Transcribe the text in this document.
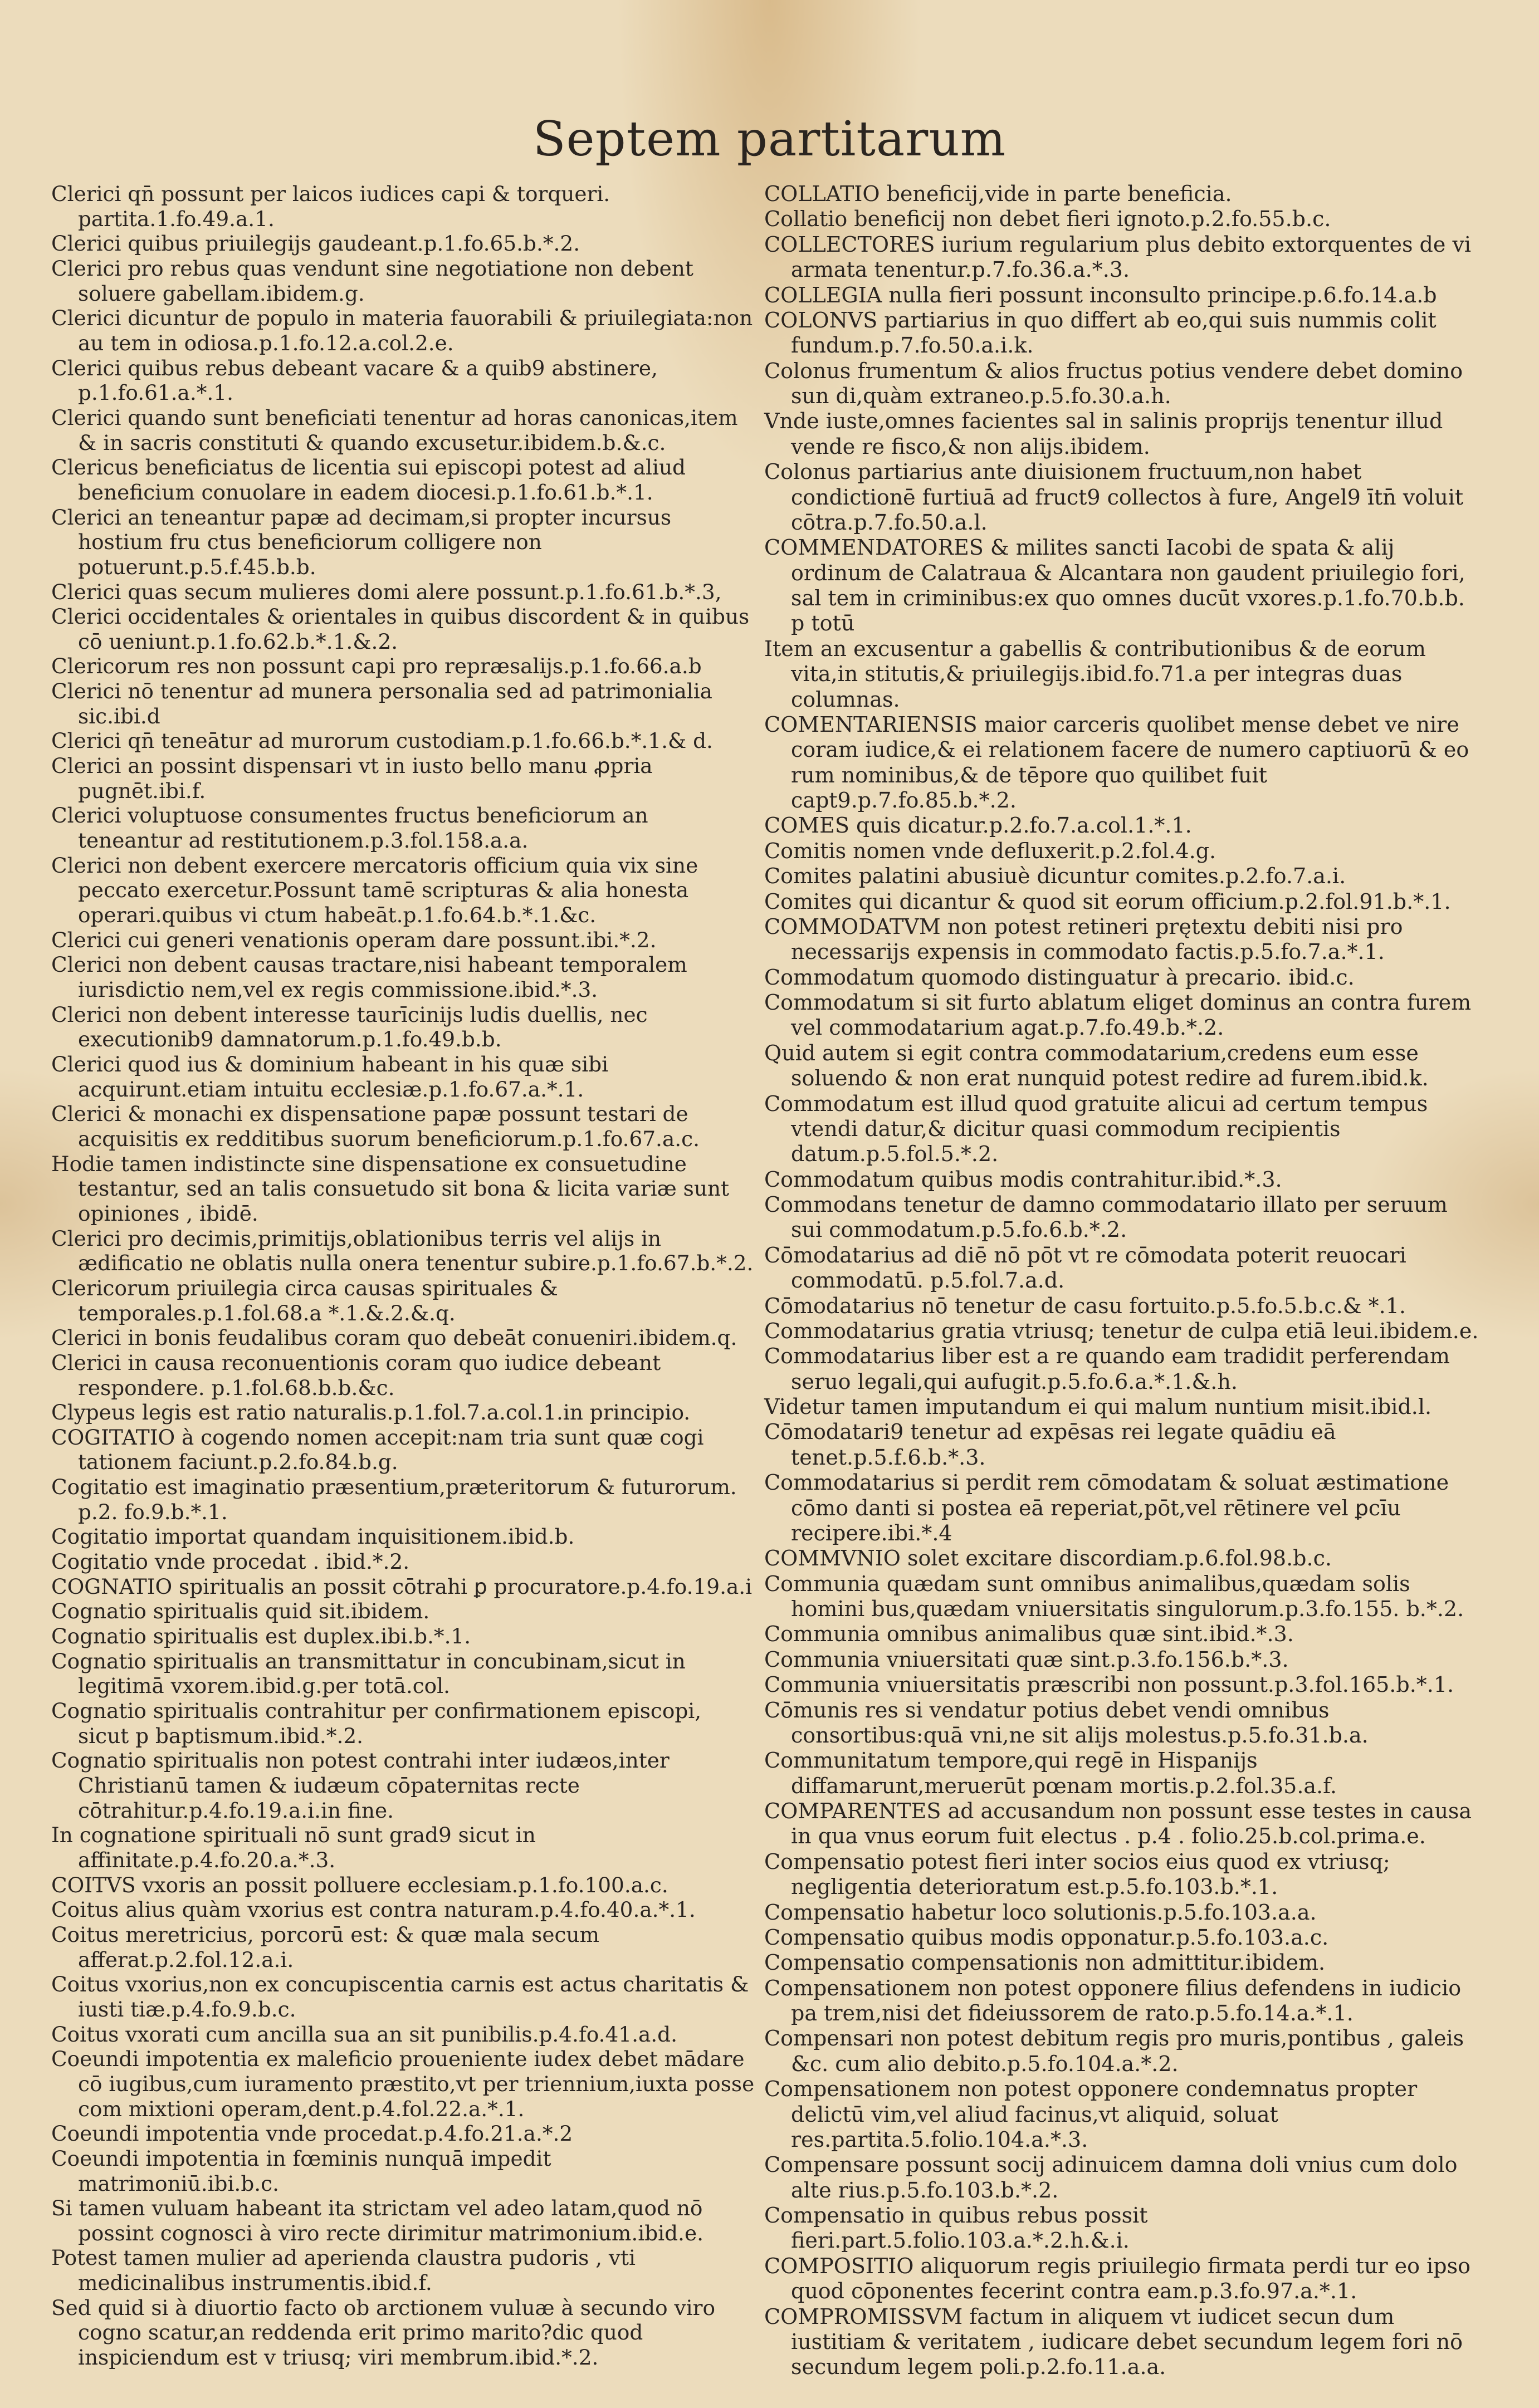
Septem partitarum
Clerici qn̄ possunt per laicos iudices capi & torqueri. partita.1.fo.49.a.1.
Clerici quibus priuilegijs gaudeant.p.1.fo.65.b.*.2.
Clerici pro rebus quas vendunt sine negotiatione non debent soluere gabellam.ibidem.g.
Clerici dicuntur de populo in materia fauorabili & priuilegiata:non au tem in odiosa.p.1.fo.12.a.col.2.e.
Clerici quibus rebus debeant vacare & a quib9 abstinere, p.1.fo.61.a.*.1.
Clerici quando sunt beneficiati tenentur ad horas canonicas,item & in sacris constituti & quando excusetur.ibidem.b.&.c.
Clericus beneficiatus de licentia sui episcopi potest ad aliud beneficium conuolare in eadem diocesi.p.1.fo.61.b.*.1.
Clerici an teneantur papæ ad decimam,si propter incursus hostium fru ctus beneficiorum colligere non potuerunt.p.5.f.45.b.b.
Clerici quas secum mulieres domi alere possunt.p.1.fo.61.b.*.3,
Clerici occidentales & orientales in quibus discordent & in quibus cō ueniunt.p.1.fo.62.b.*.1.&.2.
Clericorum res non possunt capi pro repræsalijs.p.1.fo.66.a.b
Clerici nō tenentur ad munera personalia sed ad patrimonialia sic.ibi.d
Clerici qn̄ teneātur ad murorum custodiam.p.1.fo.66.b.*.1.& d.
Clerici an possint dispensari vt in iusto bello manu ꝓpria pugnēt.ibi.f.
Clerici voluptuose consumentes fructus beneficiorum an teneantur ad restitutionem.p.3.fol.158.a.a.
Clerici non debent exercere mercatoris officium quia vix sine peccato exercetur.Possunt tamē scripturas & alia honesta operari.quibus vi ctum habeāt.p.1.fo.64.b.*.1.&c.
Clerici cui generi venationis operam dare possunt.ibi.*.2.
Clerici non debent causas tractare,nisi habeant temporalem iurisdictio nem,vel ex regis commissione.ibid.*.3.
Clerici non debent interesse taurīcinijs ludis duellis, nec executionib9 damnatorum.p.1.fo.49.b.b.
Clerici quod ius & dominium habeant in his quæ sibi acquirunt.etiam intuitu ecclesiæ.p.1.fo.67.a.*.1.
Clerici & monachi ex dispensatione papæ possunt testari de acquisitis ex redditibus suorum beneficiorum.p.1.fo.67.a.c.
Hodie tamen indistincte sine dispensatione ex consuetudine testantur, sed an talis consuetudo sit bona & licita variæ sunt opiniones , ibidē.
Clerici pro decimis,primitijs,oblationibus terris vel alijs in ædificatio ne oblatis nulla onera tenentur subire.p.1.fo.67.b.*.2.
Clericorum priuilegia circa causas spirituales & temporales.p.1.fol.68.a *.1.&.2.&.q.
Clerici in bonis feudalibus coram quo debeāt conueniri.ibidem.q.
Clerici in causa reconuentionis coram quo iudice debeant respondere. p.1.fol.68.b.b.&c.
Clypeus legis est ratio naturalis.p.1.fol.7.a.col.1.in principio.
COGITATIO à cogendo nomen accepit:nam tria sunt quæ cogi tationem faciunt.p.2.fo.84.b.g.
Cogitatio est imaginatio præsentium,præteritorum & futurorum. p.2. fo.9.b.*.1.
Cogitatio importat quandam inquisitionem.ibid.b.
Cogitatio vnde procedat . ibid.*.2.
COGNATIO spiritualis an possit cōtrahi ꝑ procuratore.p.4.fo.19.a.i
Cognatio spiritualis quid sit.ibidem.
Cognatio spiritualis est duplex.ibi.b.*.1.
Cognatio spiritualis an transmittatur in concubinam,sicut in legitimā vxorem.ibid.g.per totā.col.
Cognatio spiritualis contrahitur per confirmationem episcopi, sicut p baptismum.ibid.*.2.
Cognatio spiritualis non potest contrahi inter iudæos,inter Christianū tamen & iudæum cōpaternitas recte cōtrahitur.p.4.fo.19.a.i.in fine.
In cognatione spirituali nō sunt grad9 sicut in affinitate.p.4.fo.20.a.*.3.
COITVS vxoris an possit polluere ecclesiam.p.1.fo.100.a.c.
Coitus alius quàm vxorius est contra naturam.p.4.fo.40.a.*.1.
Coitus meretricius, porcorū est: & quæ mala secum afferat.p.2.fol.12.a.i.
Coitus vxorius,non ex concupiscentia carnis est actus charitatis & iusti tiæ.p.4.fo.9.b.c.
Coitus vxorati cum ancilla sua an sit punibilis.p.4.fo.41.a.d.
Coeundi impotentia ex maleficio proueniente iudex debet mādare cō iugibus,cum iuramento præstito,vt per triennium,iuxta posse com mixtioni operam,dent.p.4.fol.22.a.*.1.
Coeundi impotentia vnde procedat.p.4.fo.21.a.*.2
Coeundi impotentia in fœminis nunquā impedit matrimoniū.ibi.b.c.
Si tamen vuluam habeant ita strictam vel adeo latam,quod nō possint cognosci à viro recte dirimitur matrimonium.ibid.e.
Potest tamen mulier ad aperienda claustra pudoris , vti medicinalibus instrumentis.ibid.f.
Sed quid si à diuortio facto ob arctionem vuluæ à secundo viro cogno scatur,an reddenda erit primo marito?dic quod inspiciendum est v triusq; viri membrum.ibid.*.2.
COLLATIO beneficij,vide in parte beneficia.
Collatio beneficij non debet fieri ignoto.p.2.fo.55.b.c.
COLLECTORES iurium regularium plus debito extorquentes de vi armata tenentur.p.7.fo.36.a.*.3.
COLLEGIA nulla fieri possunt inconsulto principe.p.6.fo.14.a.b
COLONVS partiarius in quo differt ab eo,qui suis nummis colit fundum.p.7.fo.50.a.i.k.
Colonus frumentum & alios fructus potius vendere debet domino sun di,quàm extraneo.p.5.fo.30.a.h.
Vnde iuste,omnes facientes sal in salinis proprijs tenentur illud vende re fisco,& non alijs.ibidem.
Colonus partiarius ante diuisionem fructuum,non habet condictionē furtiuā ad fruct9 collectos à fure, Angel9 ītn̄ voluit cōtra.p.7.fo.50.a.l.
COMMENDATORES & milites sancti Iacobi de spata & alij ordinum de Calatraua & Alcantara non gaudent priuilegio fori, sal tem in criminibus:ex quo omnes ducūt vxores.p.1.fo.70.b.b. p totū
Item an excusentur a gabellis & contributionibus & de eorum vita,in stitutis,& priuilegijs.ibid.fo.71.a per integras duas columnas.
COMENTARIENSIS maior carceris quolibet mense debet ve nire coram iudice,& ei relationem facere de numero captiuorū & eo rum nominibus,& de tēpore quo quilibet fuit capt9.p.7.fo.85.b.*.2.
COMES quis dicatur.p.2.fo.7.a.col.1.*.1.
Comitis nomen vnde defluxerit.p.2.fol.4.g.
Comites palatini abusiuè dicuntur comites.p.2.fo.7.a.i.
Comites qui dicantur & quod sit eorum officium.p.2.fol.91.b.*.1.
COMMODATVM non potest retineri prętextu debiti nisi pro necessarijs expensis in commodato factis.p.5.fo.7.a.*.1.
Commodatum quomodo distinguatur à precario. ibid.c.
Commodatum si sit furto ablatum eliget dominus an contra furem vel commodatarium agat.p.7.fo.49.b.*.2.
Quid autem si egit contra commodatarium,credens eum esse soluendo & non erat nunquid potest redire ad furem.ibid.k.
Commodatum est illud quod gratuite alicui ad certum tempus vtendi datur,& dicitur quasi commodum recipientis datum.p.5.fol.5.*.2.
Commodatum quibus modis contrahitur.ibid.*.3.
Commodans tenetur de damno commodatario illato per seruum sui commodatum.p.5.fo.6.b.*.2.
Cōmodatarius ad diē nō pōt vt re cōmodata poterit reuocari commodatū. p.5.fol.7.a.d.
Cōmodatarius nō tenetur de casu fortuito.p.5.fo.5.b.c.& *.1.
Commodatarius gratia vtriusq; tenetur de culpa etiā leui.ibidem.e.
Commodatarius liber est a re quando eam tradidit perferendam seruo legali,qui aufugit.p.5.fo.6.a.*.1.&.h.
Videtur tamen imputandum ei qui malum nuntium misit.ibid.l.
Cōmodatari9 tenetur ad expēsas rei legate quādiu eā tenet.p.5.f.6.b.*.3.
Commodatarius si perdit rem cōmodatam & soluat æstimatione cōmo danti si postea eā reperiat,pōt,vel rētinere vel ꝑcīu recipere.ibi.*.4
COMMVNIO solet excitare discordiam.p.6.fol.98.b.c.
Communia quædam sunt omnibus animalibus,quædam solis homini bus,quædam vniuersitatis singulorum.p.3.fo.155. b.*.2.
Communia omnibus animalibus quæ sint.ibid.*.3.
Communia vniuersitati quæ sint.p.3.fo.156.b.*.3.
Communia vniuersitatis præscribi non possunt.p.3.fol.165.b.*.1.
Cōmunis res si vendatur potius debet vendi omnibus consortibus:quā vni,ne sit alijs molestus.p.5.fo.31.b.a.
Communitatum tempore,qui regē in Hispanijs diffamarunt,meruerūt pœnam mortis.p.2.fol.35.a.f.
COMPARENTES ad accusandum non possunt esse testes in causa in qua vnus eorum fuit electus . p.4 . folio.25.b.col.prima.e.
Compensatio potest fieri inter socios eius quod ex vtriusq; negligentia deterioratum est.p.5.fo.103.b.*.1.
Compensatio habetur loco solutionis.p.5.fo.103.a.a.
Compensatio quibus modis opponatur.p.5.fo.103.a.c.
Compensatio compensationis non admittitur.ibidem.
Compensationem non potest opponere filius defendens in iudicio pa trem,nisi det fideiussorem de rato.p.5.fo.14.a.*.1.
Compensari non potest debitum regis pro muris,pontibus , galeis &c. cum alio debito.p.5.fo.104.a.*.2.
Compensationem non potest opponere condemnatus propter delictū vim,vel aliud facinus,vt aliquid, soluat res.partita.5.folio.104.a.*.3.
Compensare possunt socij adinuicem damna doli vnius cum dolo alte rius.p.5.fo.103.b.*.2.
Compensatio in quibus rebus possit fieri.part.5.folio.103.a.*.2.h.&.i.
COMPOSITIO aliquorum regis priuilegio firmata perdi tur eo ipso quod cōponentes fecerint contra eam.p.3.fo.97.a.*.1.
COMPROMISSVM factum in aliquem vt iudicet secun dum iustitiam & veritatem , iudicare debet secundum legem fori nō secundum legem poli.p.2.fo.11.a.a.
